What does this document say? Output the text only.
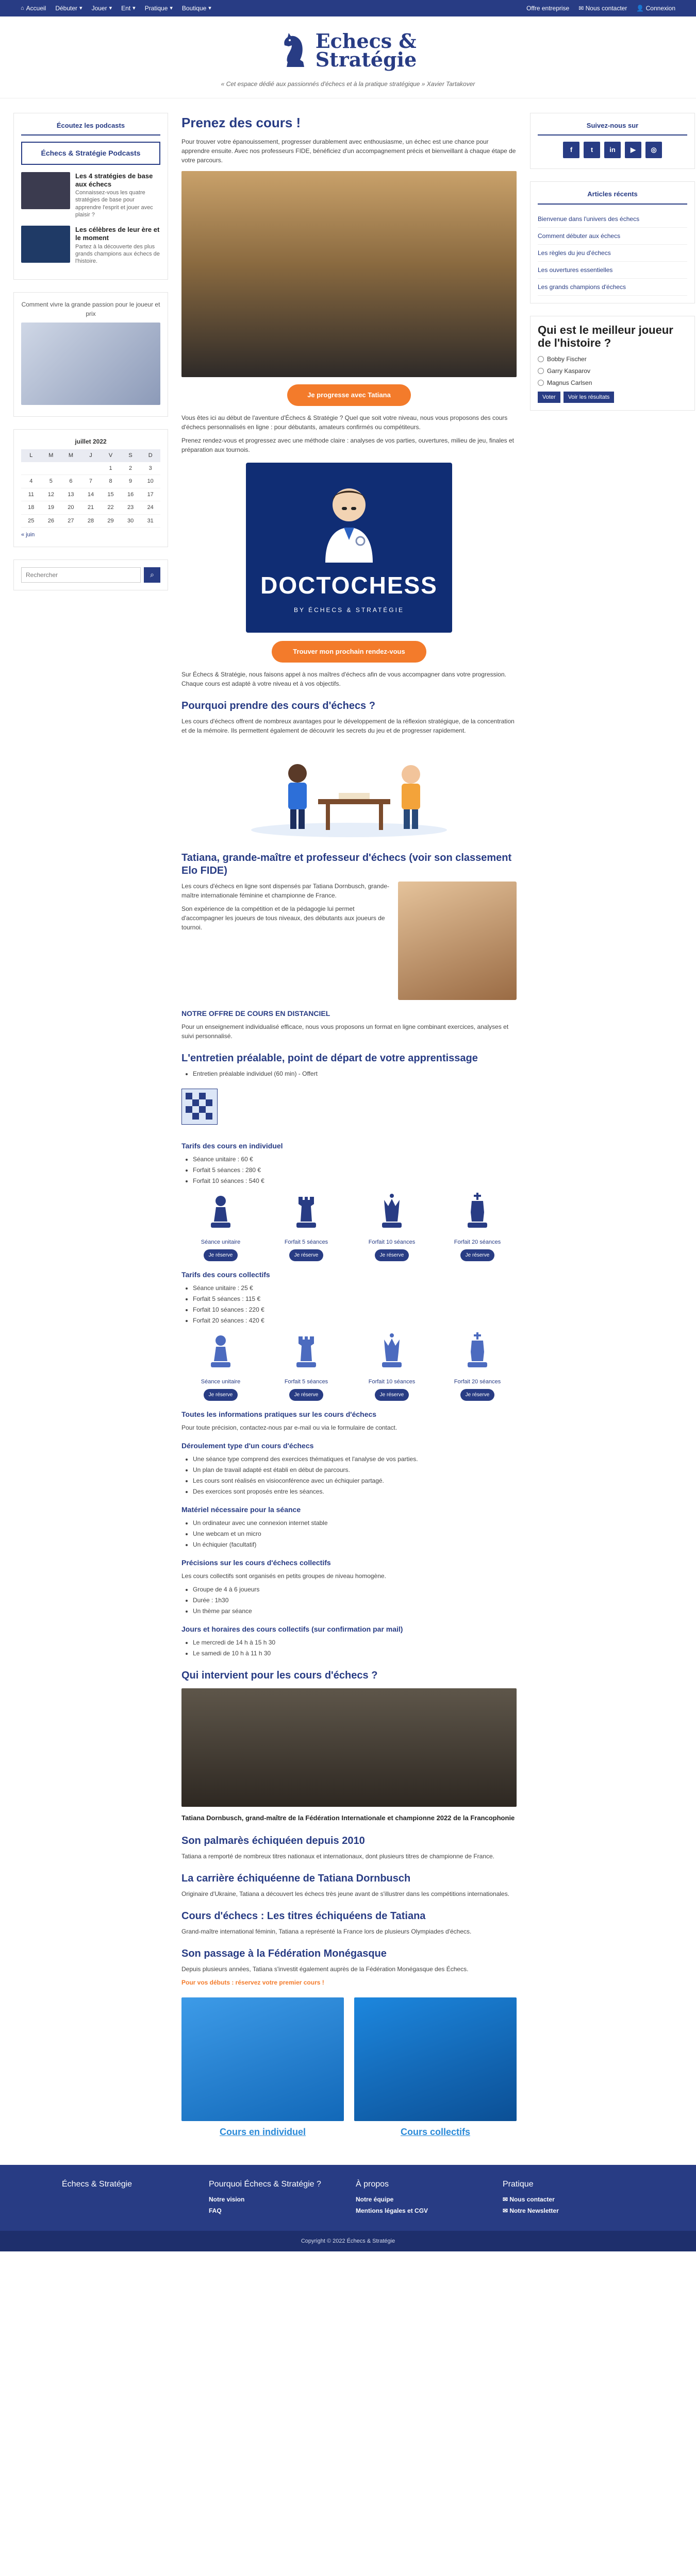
⌂ Accueil Débuter ▾ Jouer ▾ Ent ▾ Pratique ▾ Boutique ▾	Offre entreprise ✉ Nous contacter 👤 Connexion
Echecs &
Stratégie
« Cet espace dédié aux passionnés d'échecs et à la pratique stratégique » Xavier Tartakover
Écoutez les podcasts
Échecs & Stratégie Podcasts
Les 4 stratégies de base aux échecs

Connaissez-vous les quatre stratégies de base pour apprendre l'esprit et jouer avec plaisir ?

Les célèbres de leur ère et le moment

Partez à la découverte des plus grands champions aux échecs de l'histoire.

Comment vivre la grande passion pour le joueur et prix
juillet 2022
L	M	M	J	V	S	D
				1	2	3
4	5	6	7	8	9	10
11	12	13	14	15	16	17
18	19	20	21	22	23	24
25	26	27	28	29	30	31
« juin
Rechercher
⌕
Prenez des cours !

Pour trouver votre épanouissement, progresser durablement avec enthousiasme, un échec est une chance pour apprendre ensuite. Avec nos professeurs FIDE, bénéficiez d'un accompagnement précis et bienveillant à chaque étape de votre parcours.

Je progresse avec Tatiana

Vous êtes ici au début de l'aventure d'Échecs & Stratégie ? Quel que soit votre niveau, nous vous proposons des cours d'échecs personnalisés en ligne : pour débutants, amateurs confirmés ou compétiteurs.

Prenez rendez-vous et progressez avec une méthode claire : analyses de vos parties, ouvertures, milieu de jeu, finales et préparation aux tournois.

DOCTOCHESS
BY ÉCHECS & STRATÉGIE
Trouver mon prochain rendez-vous

Sur Échecs & Stratégie, nous faisons appel à nos maîtres d'échecs afin de vous accompagner dans votre progression. Chaque cours est adapté à votre niveau et à vos objectifs.

Pourquoi prendre des cours d'échecs ?

Les cours d'échecs offrent de nombreux avantages pour le développement de la réflexion stratégique, de la concentration et de la mémoire. Ils permettent également de découvrir les secrets du jeu et de progresser rapidement.

Tatiana, grande-maître et professeur d'échecs (voir son classement Elo FIDE)

Les cours d'échecs en ligne sont dispensés par Tatiana Dornbusch, grande-maître internationale féminine et championne de France.

Son expérience de la compétition et de la pédagogie lui permet d'accompagner les joueurs de tous niveaux, des débutants aux joueurs de tournoi.

NOTRE OFFRE DE COURS EN DISTANCIEL

Pour un enseignement individualisé efficace, nous vous proposons un format en ligne combinant exercices, analyses et suivi personnalisé.

L'entretien préalable, point de départ de votre apprentissage
• Entretien préalable individuel (60 min) - Offert
Tarifs des cours en individuel
• Séance unitaire : 60 €
• Forfait 5 séances : 280 €
• Forfait 10 séances : 540 €
Séance unitaire
Je réserve
Forfait 5 séances
Je réserve
Forfait 10 séances
Je réserve
Forfait 20 séances
Je réserve
Tarifs des cours collectifs
• Séance unitaire : 25 €
• Forfait 5 séances : 115 €
• Forfait 10 séances : 220 €
• Forfait 20 séances : 420 €
Séance unitaire
Je réserve
Forfait 5 séances
Je réserve
Forfait 10 séances
Je réserve
Forfait 20 séances
Je réserve
Toutes les informations pratiques sur les cours d'échecs

Pour toute précision, contactez-nous par e-mail ou via le formulaire de contact.

Déroulement type d'un cours d'échecs
• Une séance type comprend des exercices thématiques et l'analyse de vos parties.
• Un plan de travail adapté est établi en début de parcours.
• Les cours sont réalisés en visioconférence avec un échiquier partagé.
• Des exercices sont proposés entre les séances.
Matériel nécessaire pour la séance
• Un ordinateur avec une connexion internet stable
• Une webcam et un micro
• Un échiquier (facultatif)
Précisions sur les cours d'échecs collectifs

Les cours collectifs sont organisés en petits groupes de niveau homogène.

• Groupe de 4 à 6 joueurs
• Durée : 1h30
• Un thème par séance
Jours et horaires des cours collectifs (sur confirmation par mail)
• Le mercredi de 14 h à 15 h 30
• Le samedi de 10 h à 11 h 30
Qui intervient pour les cours d'échecs ?
Tatiana Dornbusch, grand-maître de la Fédération Internationale et championne 2022 de la Francophonie
Son palmarès échiquéen depuis 2010

Tatiana a remporté de nombreux titres nationaux et internationaux, dont plusieurs titres de championne de France.

La carrière échiquéenne de Tatiana Dornbusch

Originaire d'Ukraine, Tatiana a découvert les échecs très jeune avant de s'illustrer dans les compétitions internationales.

Cours d'échecs : Les titres échiquéens de Tatiana

Grand-maître international féminin, Tatiana a représenté la France lors de plusieurs Olympiades d'échecs.

Son passage à la Fédération Monégasque

Depuis plusieurs années, Tatiana s'investit également auprès de la Fédération Monégasque des Échecs.

Pour vos débuts : réservez votre premier cours !
Cours en individuel	Cours collectifs
Suivez-nous sur
f	t	in	▶	◎
Articles récents
Bienvenue dans l'univers des échecs
Comment débuter aux échecs
Les règles du jeu d'échecs
Les ouvertures essentielles
Les grands champions d'échecs
Qui est le meilleur joueur de l'histoire ?
Bobby Fischer
Garry Kasparov
Magnus Carlsen
Voter	Voir les résultats
Échecs & Stratégie	Pourquoi Échecs & Stratégie ?
Notre vision
FAQ
À propos
Notre équipe
Mentions légales et CGV
Pratique
✉ Nous contacter
✉ Notre Newsletter
Copyright © 2022 Échecs & Stratégie
